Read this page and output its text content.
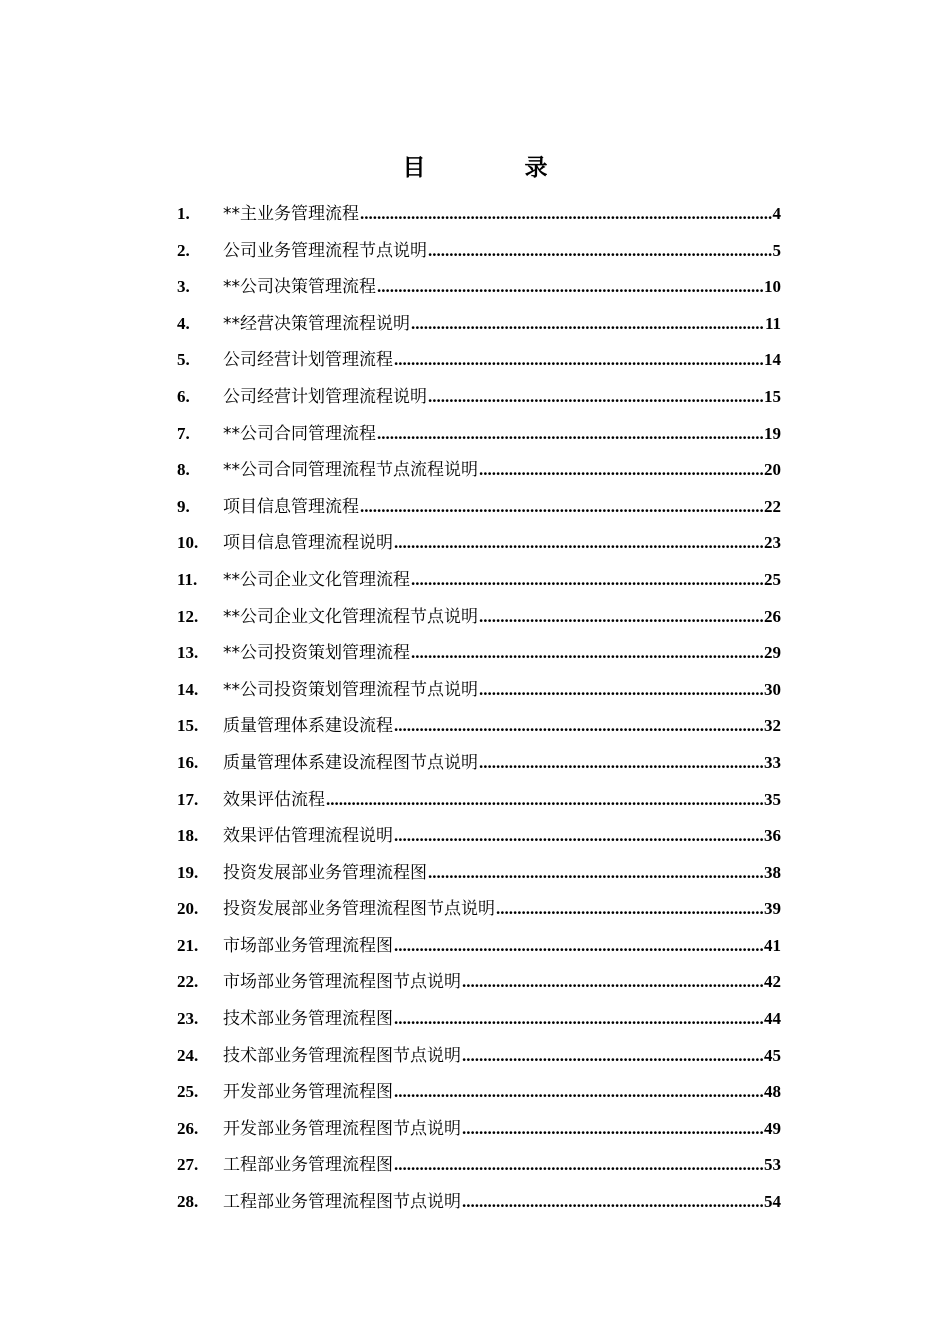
目　录
1.	**主业务管理流程 .....	4
2.	公司业务管理流程节点说明 .....	5
3.	**公司决策管理流程 .....	10
4.	**经营决策管理流程说明 .....	11
5.	公司经营计划管理流程 .....	14
6.	公司经营计划管理流程说明 .....	15
7.	**公司合同管理流程 .....	19
8.	**公司合同管理流程节点流程说明 .....	20
9.	项目信息管理流程 .....	22
10.	项目信息管理流程说明 .....	23
11.	**公司企业文化管理流程 .....	25
12.	**公司企业文化管理流程节点说明 .....	26
13.	**公司投资策划管理流程 .....	29
14.	**公司投资策划管理流程节点说明 .....	30
15.	质量管理体系建设流程 .....	32
16.	质量管理体系建设流程图节点说明 .....	33
17.	效果评估流程 .....	35
18.	效果评估管理流程说明 .....	36
19.	投资发展部业务管理流程图 .....	38
20.	投资发展部业务管理流程图节点说明 .....	39
21.	市场部业务管理流程图 .....	41
22.	市场部业务管理流程图节点说明 .....	42
23.	技术部业务管理流程图 .....	44
24.	技术部业务管理流程图节点说明 .....	45
25.	开发部业务管理流程图 .....	48
26.	开发部业务管理流程图节点说明 .....	49
27.	工程部业务管理流程图 .....	53
28.	工程部业务管理流程图节点说明 .....	54
